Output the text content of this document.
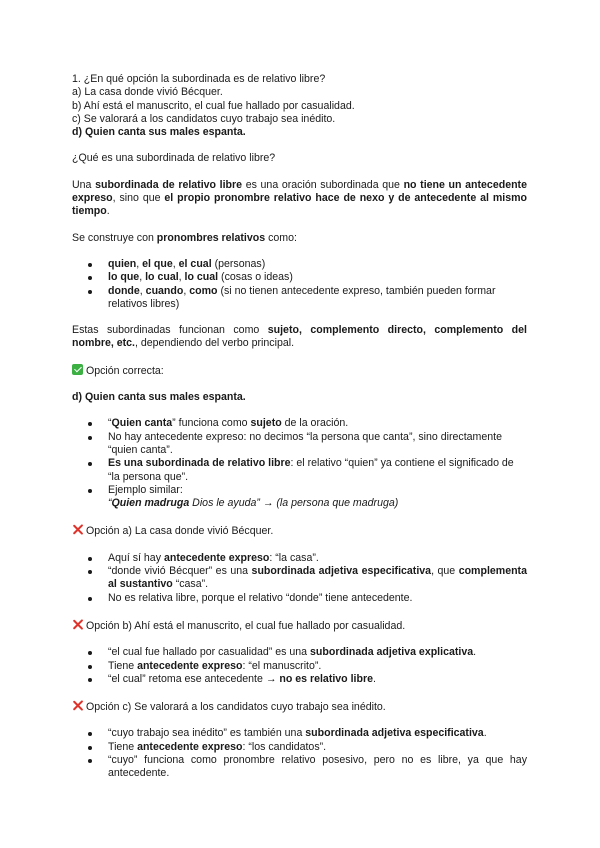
1. ¿En qué opción la subordinada es de relativo libre?

a) La casa donde vivió Bécquer.

b) Ahí está el manuscrito, el cual fue hallado por casualidad.

c) Se valorará a los candidatos cuyo trabajo sea inédito.

d) Quien canta sus males espanta.

¿Qué es una subordinada de relativo libre?

Una subordinada de relativo libre es una oración subordinada que no tiene un antecedente expreso, sino que el propio pronombre relativo hace de nexo y de antecedente al mismo tiempo.

Se construye con pronombres relativos como:

quien, el que, el cual (personas)
lo que, lo cual, lo cual (cosas o ideas)
donde, cuando, como (si no tienen antecedente expreso, también pueden formar relativos libres)

Estas subordinadas funcionan como sujeto, complemento directo, complemento del nombre, etc., dependiendo del verbo principal.

Opción correcta:

d) Quien canta sus males espanta.

“Quien canta” funciona como sujeto de la oración.
No hay antecedente expreso: no decimos “la persona que canta”, sino directamente “quien canta”.
Es una subordinada de relativo libre: el relativo “quien” ya contiene el significado de “la persona que”.
Ejemplo similar:
“Quien madruga Dios le ayuda” → (la persona que madruga)

Opción a) La casa donde vivió Bécquer.

Aquí sí hay antecedente expreso: “la casa”.
“donde vivió Bécquer” es una subordinada adjetiva especificativa, que complementa al sustantivo “casa”.
No es relativa libre, porque el relativo “donde” tiene antecedente.

Opción b) Ahí está el manuscrito, el cual fue hallado por casualidad.

“el cual fue hallado por casualidad” es una subordinada adjetiva explicativa.
Tiene antecedente expreso: “el manuscrito”.
“el cual” retoma ese antecedente → no es relativo libre.

Opción c) Se valorará a los candidatos cuyo trabajo sea inédito.

“cuyo trabajo sea inédito” es también una subordinada adjetiva especificativa.
Tiene antecedente expreso: “los candidatos”.
“cuyo” funciona como pronombre relativo posesivo, pero no es libre, ya que hay antecedente.
